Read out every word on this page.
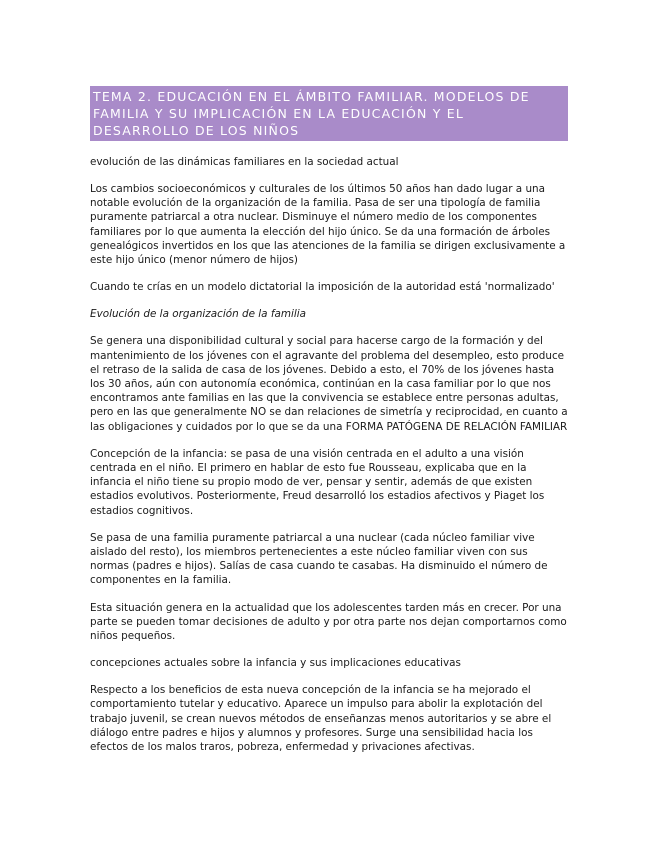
TEMA 2. EDUCACIÓN EN EL ÁMBITO FAMILIAR. MODELOS DE FAMILIA Y SU IMPLICACIÓN EN LA EDUCACIÓN Y EL DESARROLLO DE LOS NIÑOS
evolución de las dinámicas familiares en la sociedad actual
Los cambios socioeconómicos y culturales de los últimos 50 años han dado lugar a una notable evolución de la organización de la familia. Pasa de ser una tipología de familia puramente patriarcal a otra nuclear. Disminuye el número medio de los componentes familiares por lo que aumenta la elección del hijo único. Se da una formación de árboles genealógicos invertidos en los que las atenciones de la familia se dirigen exclusivamente a este hijo único (menor número de hijos)
Cuando te crías en un modelo dictatorial la imposición de la autoridad está 'normalizado'
Evolución de la organización de la familia
Se genera una disponibilidad cultural y social para hacerse cargo de la formación y del mantenimiento de los jóvenes con el agravante del problema del desempleo, esto produce el retraso de la salida de casa de los jóvenes. Debido a esto, el 70% de los jóvenes hasta los 30 años, aún con autonomía económica, continúan en la casa familiar por lo que nos encontramos ante familias en las que la convivencia se establece entre personas adultas, pero en las que generalmente NO se dan relaciones de simetría y reciprocidad, en cuanto a las obligaciones y cuidados por lo que se da una FORMA PATÓGENA DE RELACIÓN FAMILIAR
Concepción de la infancia: se pasa de una visión centrada en el adulto a una visión centrada en el niño. El primero en hablar de esto fue Rousseau, explicaba que en la infancia el niño tiene su propio modo de ver, pensar y sentir, además de que existen estadios evolutivos. Posteriormente, Freud desarrolló los estadios afectivos y Piaget los estadios cognitivos.
Se pasa de una familia puramente patriarcal a una nuclear (cada núcleo familiar vive aislado del resto), los miembros pertenecientes a este núcleo familiar viven con sus normas (padres e hijos). Salías de casa cuando te casabas. Ha disminuido el número de componentes en la familia.
Esta situación genera en la actualidad que los adolescentes tarden más en crecer. Por una parte se pueden tomar decisiones de adulto y por otra parte nos dejan comportarnos como niños pequeños.
concepciones actuales sobre la infancia y sus implicaciones educativas
Respecto a los beneficios de esta nueva concepción de la infancia se ha mejorado el comportamiento tutelar y educativo. Aparece un impulso para abolir la explotación del trabajo juvenil, se crean nuevos métodos de enseñanzas menos autoritarios y se abre el diálogo entre padres e hijos y alumnos y profesores. Surge una sensibilidad hacia los efectos de los malos traros, pobreza, enfermedad y privaciones afectivas.
